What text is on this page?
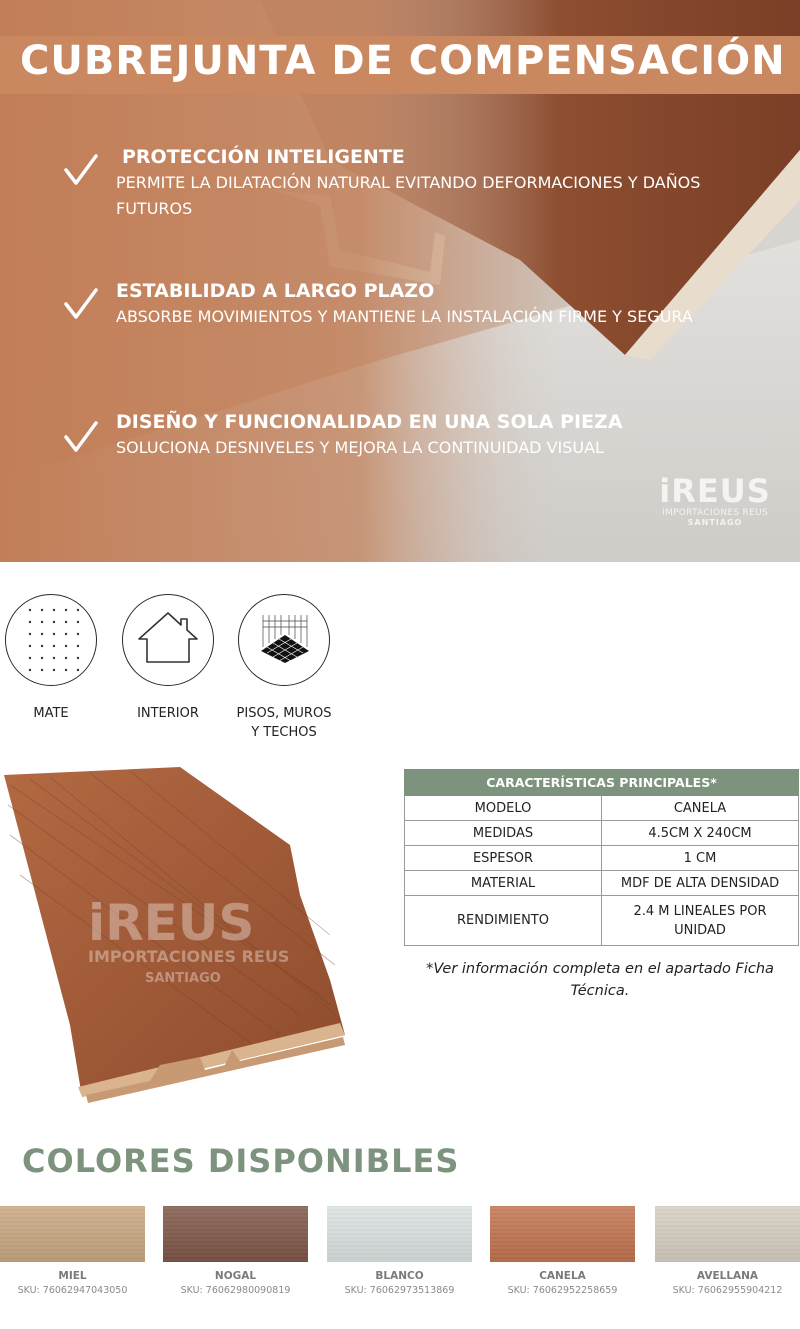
CUBREJUNTA DE COMPENSACIÓN
PROTECCIÓN INTELIGENTE
PERMITE LA DILATACIÓN NATURAL EVITANDO DEFORMACIONES Y DAÑOS FUTUROS
ESTABILIDAD A LARGO PLAZO
ABSORBE MOVIMIENTOS Y MANTIENE LA INSTALACIÓN FIRME Y SEGURA
DISEÑO Y FUNCIONALIDAD EN UNA SOLA PIEZA
SOLUCIONA DESNIVELES Y MEJORA LA CONTINUIDAD VISUAL
iREUS
IMPORTACIONES REUS
SANTIAGO
MATE	INTERIOR	PISOS, MUROS
Y TECHOS
iREUS
IMPORTACIONES REUS
SANTIAGO
CARACTERÍSTICAS PRINCIPALES*	
MODELO	CANELA
MEDIDAS	4.5CM X 240CM
ESPESOR	1 CM
MATERIAL	MDF DE ALTA DENSIDAD
RENDIMIENTO	2.4 M LINEALES POR
UNIDAD
*Ver información completa en el apartado Ficha
Técnica.
COLORES DISPONIBLES
MIEL	NOGAL	BLANCO	CANELA	AVELLANA
SKU: 76062947043050	SKU: 76062980090819	SKU: 76062973513869	SKU: 76062952258659	SKU: 76062955904212
